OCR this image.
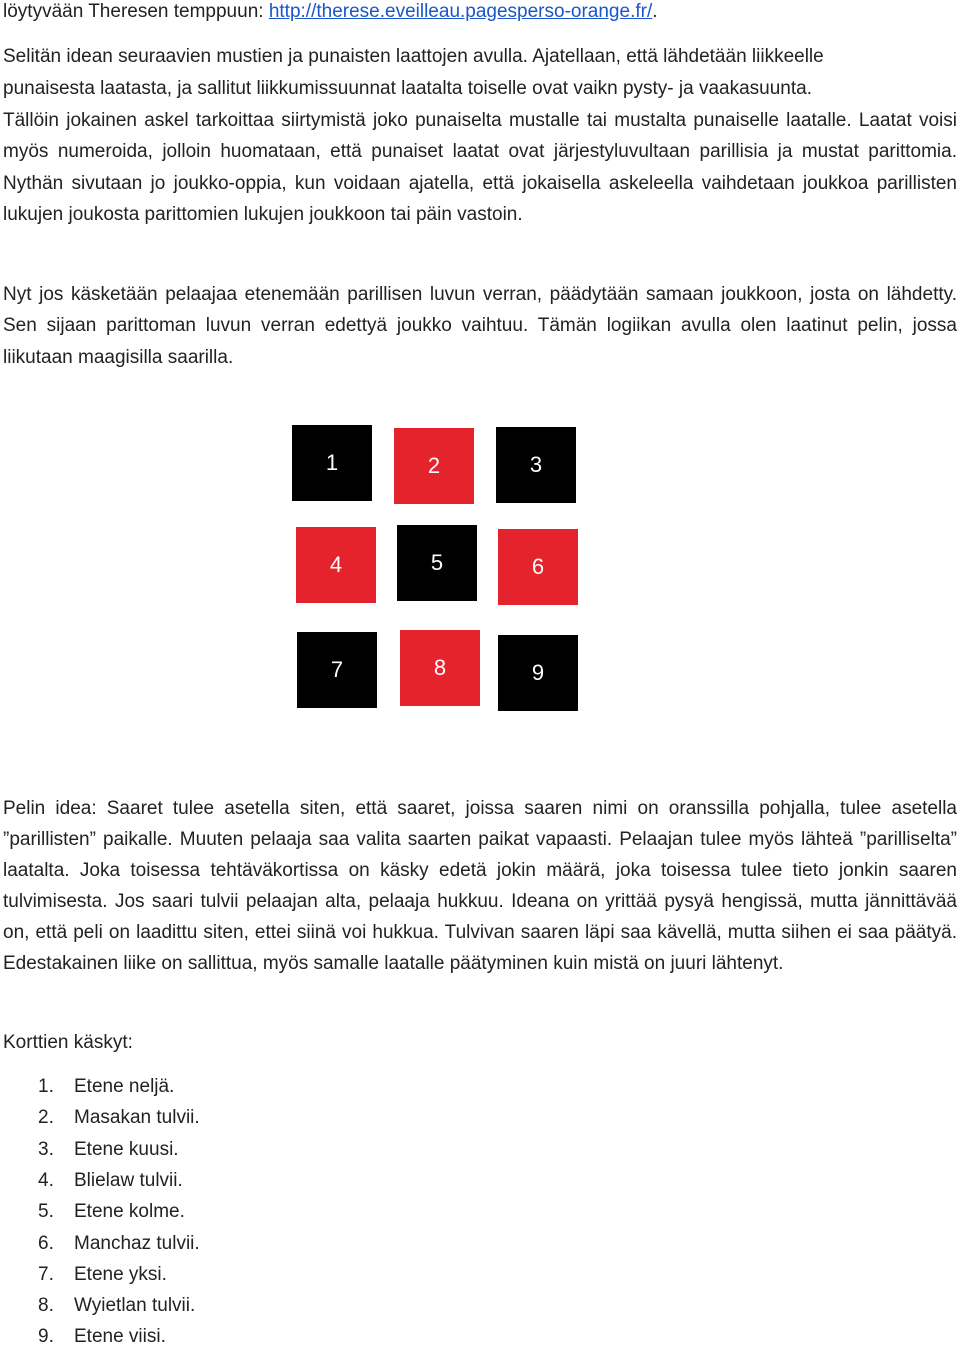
löytyvään Theresen temppuun: http://therese.eveilleau.pagesperso-orange.fr/.
Selitän idean seuraavien mustien ja punaisten laattojen avulla. Ajatellaan, että lähdetään liikkeelle
punaisesta laatasta, ja sallitut liikkumissuunnat laatalta toiselle ovat vaikn pysty- ja vaakasuunta.
Tällöin jokainen askel tarkoittaa siirtymistä joko punaiselta mustalle tai mustalta punaiselle laatalle. Laatat voisi myös numeroida, jolloin huomataan, että punaiset laatat ovat järjestyluvultaan parillisia ja mustat parittomia. Nythän sivutaan jo joukko-oppia, kun voidaan ajatella, että jokaisella askeleella vaihdetaan joukkoa parillisten lukujen joukosta parittomien lukujen joukkoon tai päin vastoin.
Nyt jos käsketään pelaajaa etenemään parillisen luvun verran, päädytään samaan joukkoon, josta on lähdetty. Sen sijaan parittoman luvun verran edettyä joukko vaihtuu. Tämän logiikan avulla olen laatinut pelin, jossa liikutaan maagisilla saarilla.
1	2	3
4	5	6
7	8	9
Pelin idea: Saaret tulee asetella siten, että saaret, joissa saaren nimi on oranssilla pohjalla, tulee asetella ”parillisten” paikalle. Muuten pelaaja saa valita saarten paikat vapaasti. Pelaajan tulee myös lähteä ”parilliselta” laatalta. Joka toisessa tehtäväkortissa on käsky edetä jokin määrä, joka toisessa tulee tieto jonkin saaren tulvimisesta. Jos saari tulvii pelaajan alta, pelaaja hukkuu. Ideana on yrittää pysyä hengissä, mutta jännittävää on, että peli on laadittu siten, ettei siinä voi hukkua. Tulvivan saaren läpi saa kävellä, mutta siihen ei saa päätyä. Edestakainen liike on sallittua, myös samalle laatalle päätyminen kuin mistä on juuri lähtenyt.
Korttien käskyt:
1. Etene neljä.
2. Masakan tulvii.
3. Etene kuusi.
4. Blielaw tulvii.
5. Etene kolme.
6. Manchaz tulvii.
7. Etene yksi.
8. Wyietlan tulvii.
9. Etene viisi.
